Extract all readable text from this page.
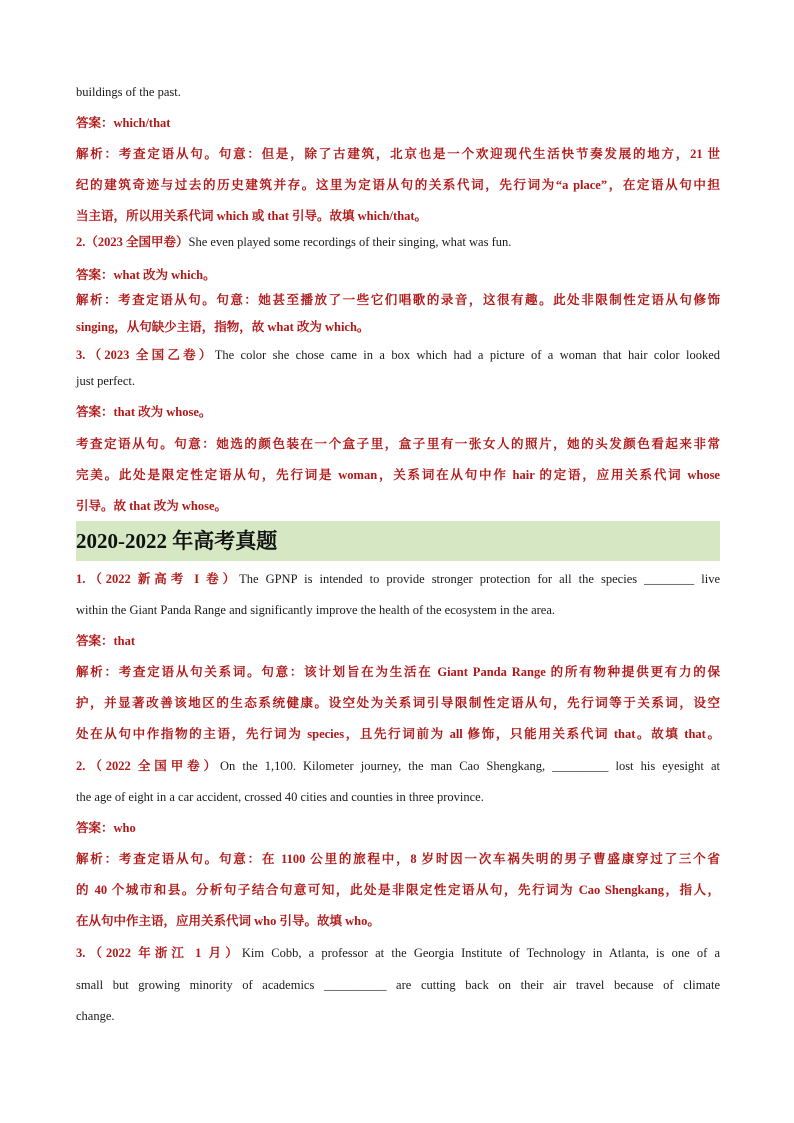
buildings of the past.
答案：which/that
解析：考查定语从句。句意：但是，除了古建筑，北京也是一个欢迎现代生活快节奏发展的地方，21 世
纪的建筑奇迹与过去的历史建筑并存。这里为定语从句的关系代词，先行词为“a place”，在定语从句中担
当主语，所以用关系代词 which 或 that 引导。故填 which/that。
2.（2023 全国甲卷）She even played some recordings of their singing, what was fun.
答案：what 改为 which。
解析：考查定语从句。句意：她甚至播放了一些它们唱歌的录音，这很有趣。此处非限制性定语从句修饰
singing，从句缺少主语，指物，故 what 改为 which。
3.（2023 全国乙卷）The color she chose came in a box which had a picture of a woman that hair color looked
just perfect.
答案：that 改为 whose。
考查定语从句。句意：她选的颜色装在一个盒子里，盒子里有一张女人的照片，她的头发颜色看起来非常
完美。此处是限定性定语从句，先行词是 woman，关系词在从句中作 hair 的定语，应用关系代词 whose
引导。故 that 改为 whose。
2020-2022 年高考真题
1.（2022 新高考 I 卷）The GPNP is intended to provide stronger protection for all the species ________ live
within the Giant Panda Range and significantly improve the health of the ecosystem in the area.
答案：that
解析：考查定语从句关系词。句意：该计划旨在为生活在 Giant Panda Range 的所有物种提供更有力的保
护，并显著改善该地区的生态系统健康。设空处为关系词引导限制性定语从句，先行词等于关系词，设空
处在从句中作指物的主语，先行词为 species，且先行词前为 all 修饰，只能用关系代词 that。故填 that。
2.（2022 全国甲卷）On the 1,100. Kilometer journey, the man Cao Shengkang, _________ lost his eyesight at
the age of eight in a car accident, crossed 40 cities and counties in three province.
答案：who
解析：考查定语从句。句意：在 1100 公里的旅程中，8 岁时因一次车祸失明的男子曹盛康穿过了三个省
的 40 个城市和县。分析句子结合句意可知，此处是非限定性定语从句，先行词为 Cao Shengkang，指人，
在从句中作主语，应用关系代词 who 引导。故填 who。
3.（2022 年浙江 1 月）Kim Cobb, a professor at the Georgia Institute of Technology in Atlanta, is one of a
small but growing minority of academics __________ are cutting back on their air travel because of climate
change.
